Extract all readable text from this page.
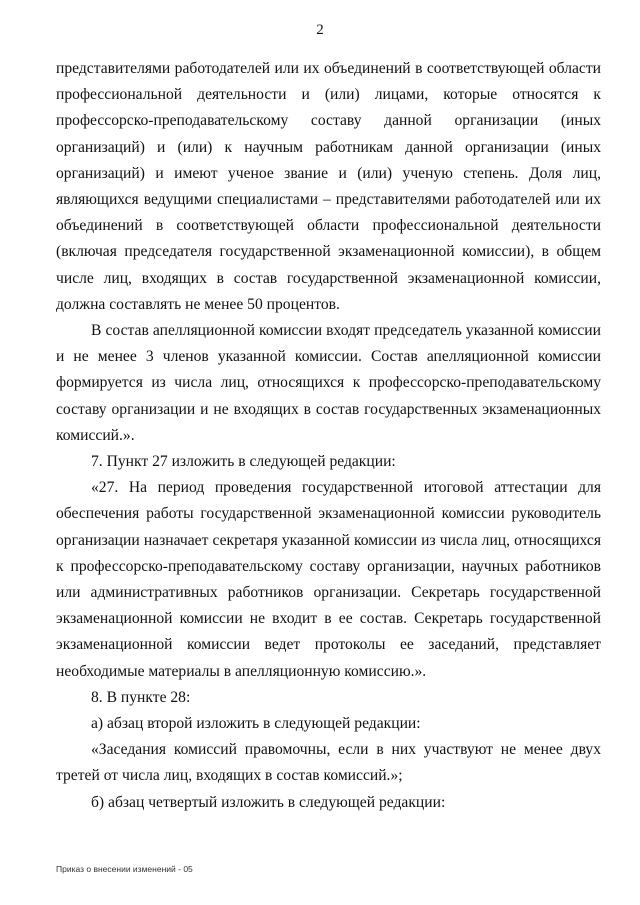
2

представителями работодателей или их объединений в соответствующей области профессиональной деятельности и (или) лицами, которые относятся к профессорско-преподавательскому составу данной организации (иных организаций) и (или) к научным работникам данной организации (иных организаций) и имеют ученое звание и (или) ученую степень. Доля лиц, являющихся ведущими специалистами – представителями работодателей или их объединений в соответствующей области профессиональной деятельности (включая председателя государственной экзаменационной комиссии), в общем числе лиц, входящих в состав государственной экзаменационной комиссии, должна составлять не менее 50 процентов.

В состав апелляционной комиссии входят председатель указанной комиссии и не менее 3 членов указанной комиссии. Состав апелляционной комиссии формируется из числа лиц, относящихся к профессорско-преподавательскому составу организации и не входящих в состав государственных экзаменационных комиссий.».

7. Пункт 27 изложить в следующей редакции:

«27. На период проведения государственной итоговой аттестации для обеспечения работы государственной экзаменационной комиссии руководитель организации назначает секретаря указанной комиссии из числа лиц, относящихся к профессорско-преподавательскому составу организации, научных работников или административных работников организации. Секретарь государственной экзаменационной комиссии не входит в ее состав. Секретарь государственной экзаменационной комиссии ведет протоколы ее заседаний, представляет необходимые материалы в апелляционную комиссию.».

8. В пункте 28:

а) абзац второй изложить в следующей редакции:

«Заседания комиссий правомочны, если в них участвуют не менее двух третей от числа лиц, входящих в состав комиссий.»;

б) абзац четвертый изложить в следующей редакции:

Приказ о внесении изменений - 05
